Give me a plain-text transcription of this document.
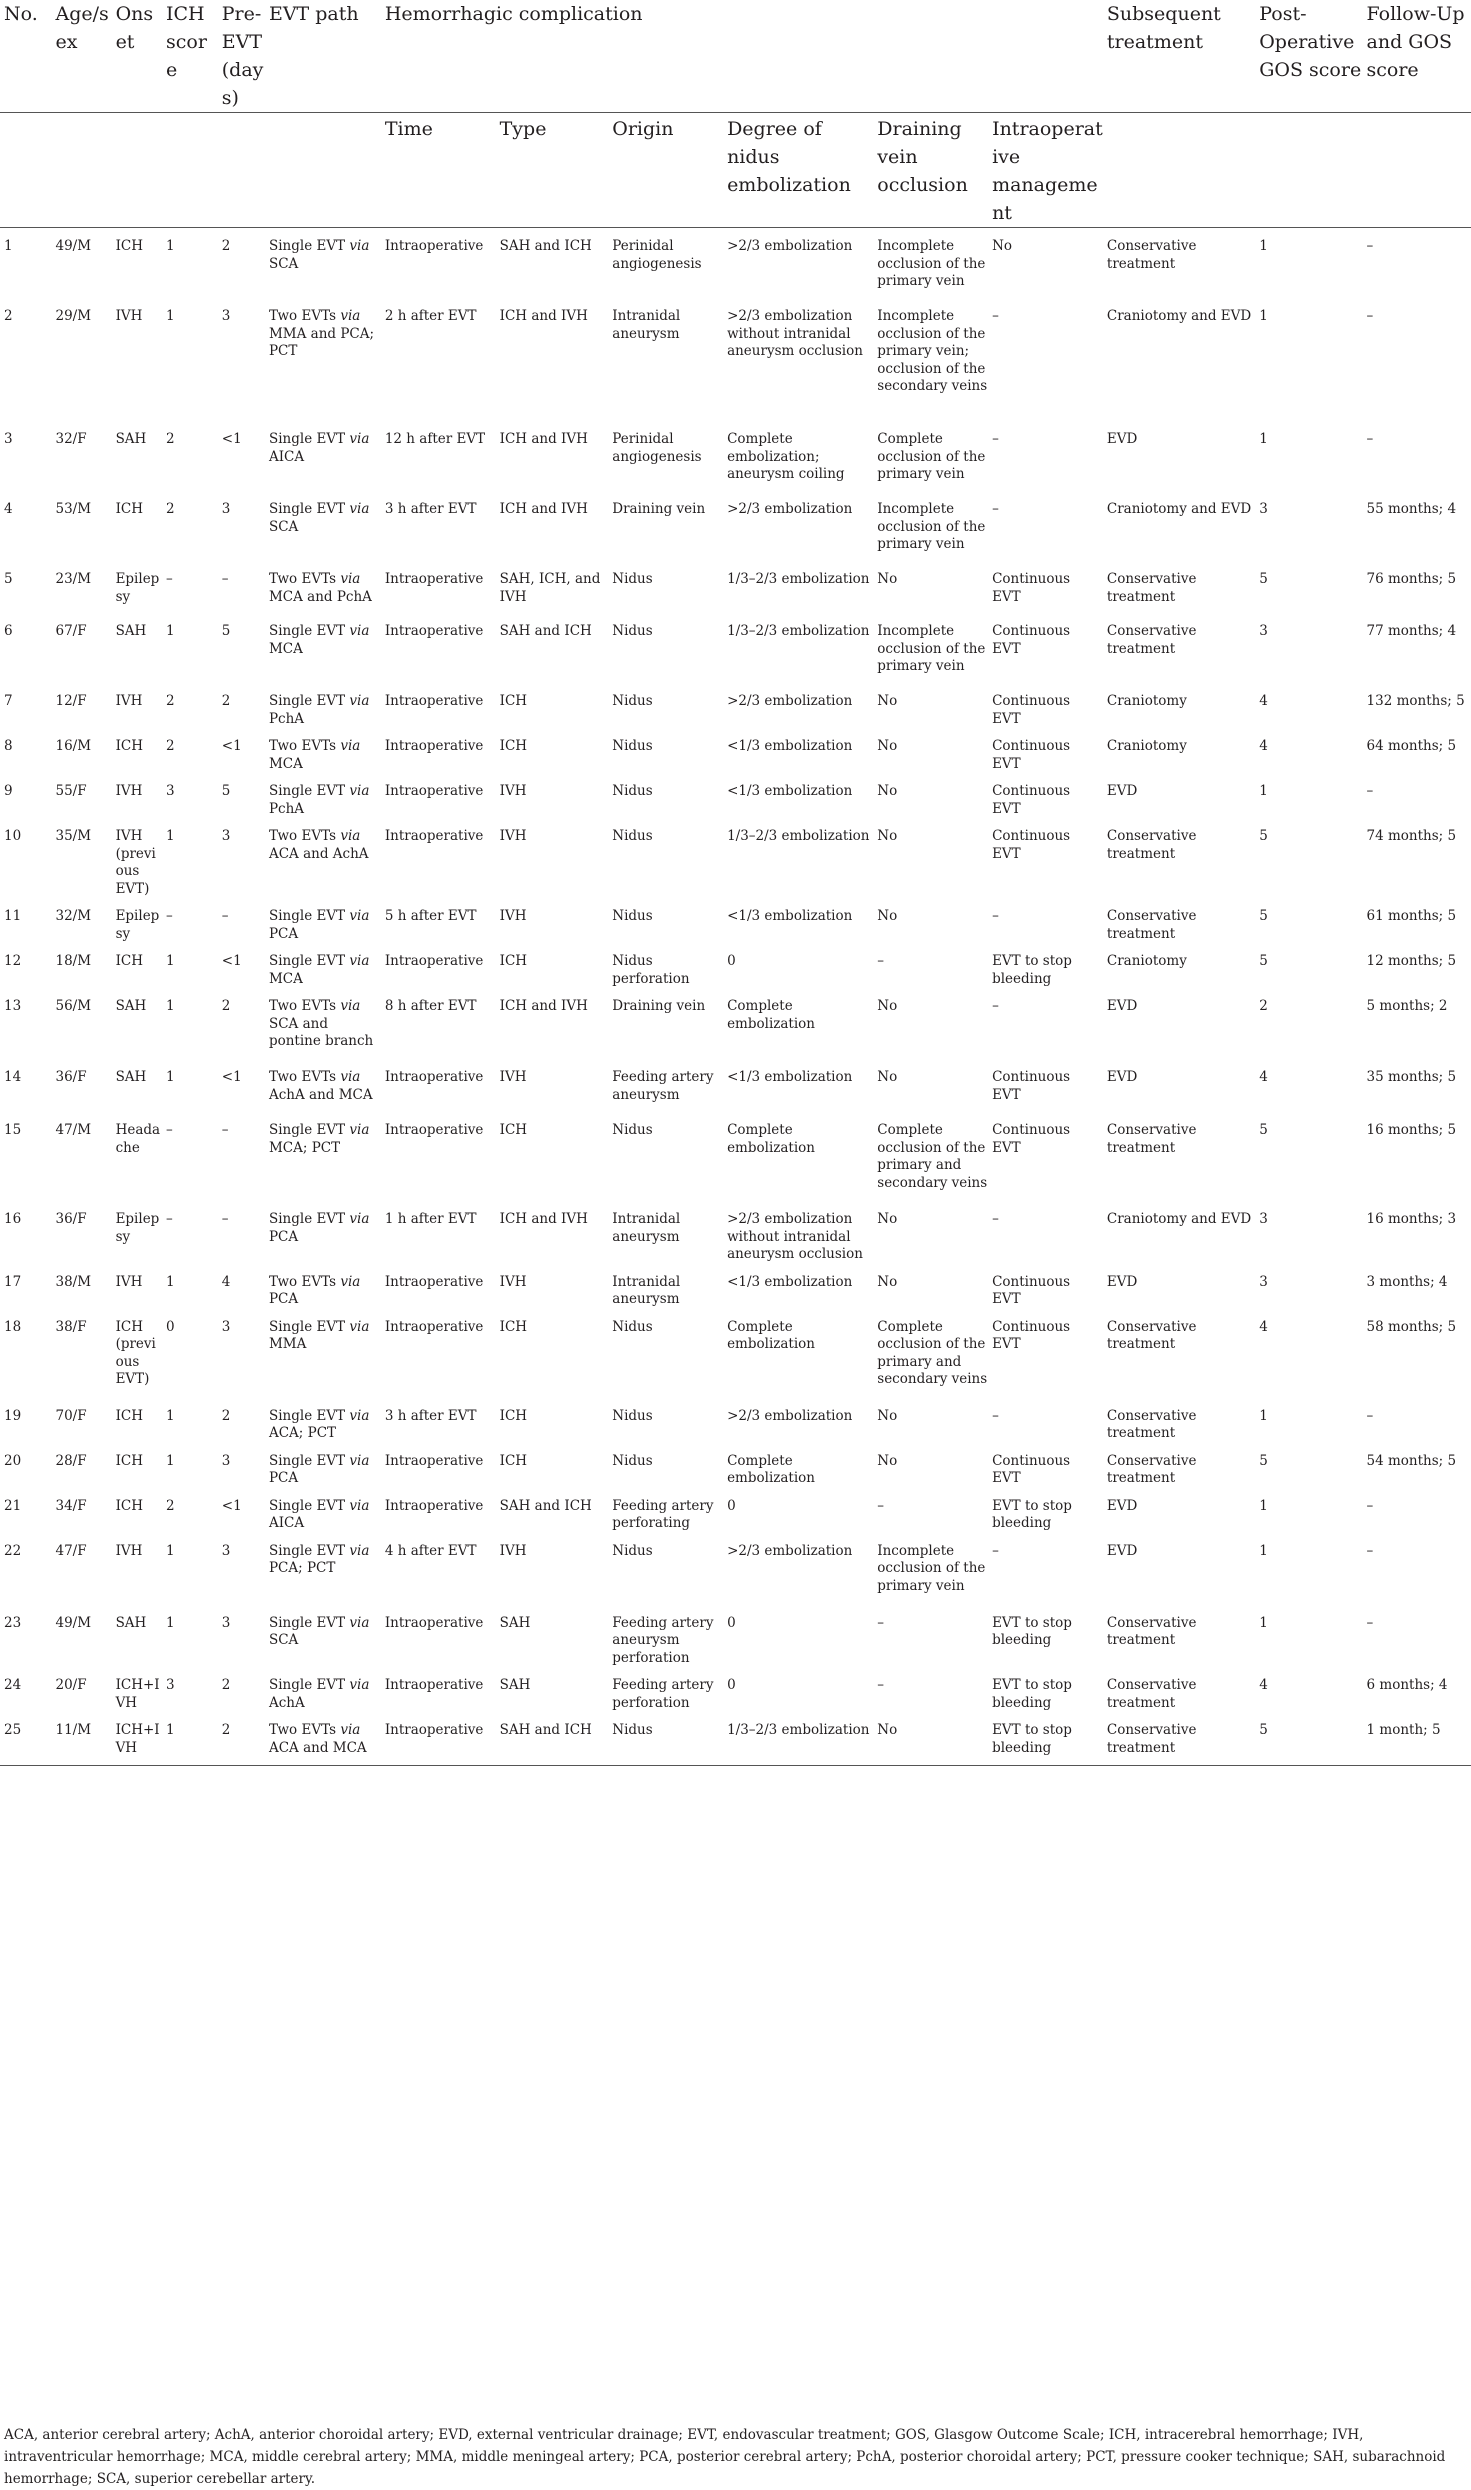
No.	Age/sex	Onset	ICH score	Pre-EVT (days)	EVT path	Hemorrhagic complication						Subsequent treatment	Post-Operative GOS score	Follow-Up and GOS score
						Time	Type	Origin	Degree of nidus embolization	Draining vein occlusion	Intraoperative management			
1	49/M	ICH	1	2	Single EVT via SCA	Intraoperative	SAH and ICH	Perinidal angiogenesis	>2/3 embolization	Incomplete occlusion of the primary vein	No	Conservative treatment	1	–
2	29/M	IVH	1	3	Two EVTs via MMA and PCA; PCT	2 h after EVT	ICH and IVH	Intranidal aneurysm	>2/3 embolization without intranidal aneurysm occlusion	Incomplete occlusion of the primary vein; occlusion of the secondary veins	–	Craniotomy and EVD	1	–
3	32/F	SAH	2	<1	Single EVT via AICA	12 h after EVT	ICH and IVH	Perinidal angiogenesis	Complete embolization; aneurysm coiling	Complete occlusion of the primary vein	–	EVD	1	–
4	53/M	ICH	2	3	Single EVT via SCA	3 h after EVT	ICH and IVH	Draining vein	>2/3 embolization	Incomplete occlusion of the primary vein	–	Craniotomy and EVD	3	55 months; 4
5	23/M	Epilepsy	–	–	Two EVTs via MCA and PchA	Intraoperative	SAH, ICH, and IVH	Nidus	1/3–2/3 embolization	No	Continuous EVT	Conservative treatment	5	76 months; 5
6	67/F	SAH	1	5	Single EVT via MCA	Intraoperative	SAH and ICH	Nidus	1/3–2/3 embolization	Incomplete occlusion of the primary vein	Continuous EVT	Conservative treatment	3	77 months; 4
7	12/F	IVH	2	2	Single EVT via PchA	Intraoperative	ICH	Nidus	>2/3 embolization	No	Continuous EVT	Craniotomy	4	132 months; 5
8	16/M	ICH	2	<1	Two EVTs via MCA	Intraoperative	ICH	Nidus	<1/3 embolization	No	Continuous EVT	Craniotomy	4	64 months; 5
9	55/F	IVH	3	5	Single EVT via PchA	Intraoperative	IVH	Nidus	<1/3 embolization	No	Continuous EVT	EVD	1	–
10	35/M	IVH (previous EVT)	1	3	Two EVTs via ACA and AchA	Intraoperative	IVH	Nidus	1/3–2/3 embolization	No	Continuous EVT	Conservative treatment	5	74 months; 5
11	32/M	Epilepsy	–	–	Single EVT via PCA	5 h after EVT	IVH	Nidus	<1/3 embolization	No	–	Conservative treatment	5	61 months; 5
12	18/M	ICH	1	<1	Single EVT via MCA	Intraoperative	ICH	Nidus perforation	0	–	EVT to stop bleeding	Craniotomy	5	12 months; 5
13	56/M	SAH	1	2	Two EVTs via SCA and pontine branch	8 h after EVT	ICH and IVH	Draining vein	Complete embolization	No	–	EVD	2	5 months; 2
14	36/F	SAH	1	<1	Two EVTs via AchA and MCA	Intraoperative	IVH	Feeding artery aneurysm	<1/3 embolization	No	Continuous EVT	EVD	4	35 months; 5
15	47/M	Headache	–	–	Single EVT via MCA; PCT	Intraoperative	ICH	Nidus	Complete embolization	Complete occlusion of the primary and secondary veins	Continuous EVT	Conservative treatment	5	16 months; 5
16	36/F	Epilepsy	–	–	Single EVT via PCA	1 h after EVT	ICH and IVH	Intranidal aneurysm	>2/3 embolization without intranidal aneurysm occlusion	No	–	Craniotomy and EVD	3	16 months; 3
17	38/M	IVH	1	4	Two EVTs via PCA	Intraoperative	IVH	Intranidal aneurysm	<1/3 embolization	No	Continuous EVT	EVD	3	3 months; 4
18	38/F	ICH (previous EVT)	0	3	Single EVT via MMA	Intraoperative	ICH	Nidus	Complete embolization	Complete occlusion of the primary and secondary veins	Continuous EVT	Conservative treatment	4	58 months; 5
19	70/F	ICH	1	2	Single EVT via ACA; PCT	3 h after EVT	ICH	Nidus	>2/3 embolization	No	–	Conservative treatment	1	–
20	28/F	ICH	1	3	Single EVT via PCA	Intraoperative	ICH	Nidus	Complete embolization	No	Continuous EVT	Conservative treatment	5	54 months; 5
21	34/F	ICH	2	<1	Single EVT via AICA	Intraoperative	SAH and ICH	Feeding artery perforating	0	–	EVT to stop bleeding	EVD	1	–
22	47/F	IVH	1	3	Single EVT via PCA; PCT	4 h after EVT	IVH	Nidus	>2/3 embolization	Incomplete occlusion of the primary vein	–	EVD	1	–
23	49/M	SAH	1	3	Single EVT via SCA	Intraoperative	SAH	Feeding artery aneurysm perforation	0	–	EVT to stop bleeding	Conservative treatment	1	–
24	20/F	ICH+IVH	3	2	Single EVT via AchA	Intraoperative	SAH	Feeding artery perforation	0	–	EVT to stop bleeding	Conservative treatment	4	6 months; 4
25	11/M	ICH+IVH	1	2	Two EVTs via ACA and MCA	Intraoperative	SAH and ICH	Nidus	1/3–2/3 embolization	No	EVT to stop bleeding	Conservative treatment	5	1 month; 5
ACA, anterior cerebral artery; AchA, anterior choroidal artery; EVD, external ventricular drainage; EVT, endovascular treatment; GOS, Glasgow Outcome Scale; ICH, intracerebral hemorrhage; IVH, intraventricular hemorrhage; MCA, middle cerebral artery; MMA, middle meningeal artery; PCA, posterior cerebral artery; PchA, posterior choroidal artery; PCT, pressure cooker technique; SAH, subarachnoid hemorrhage; SCA, superior cerebellar artery.
